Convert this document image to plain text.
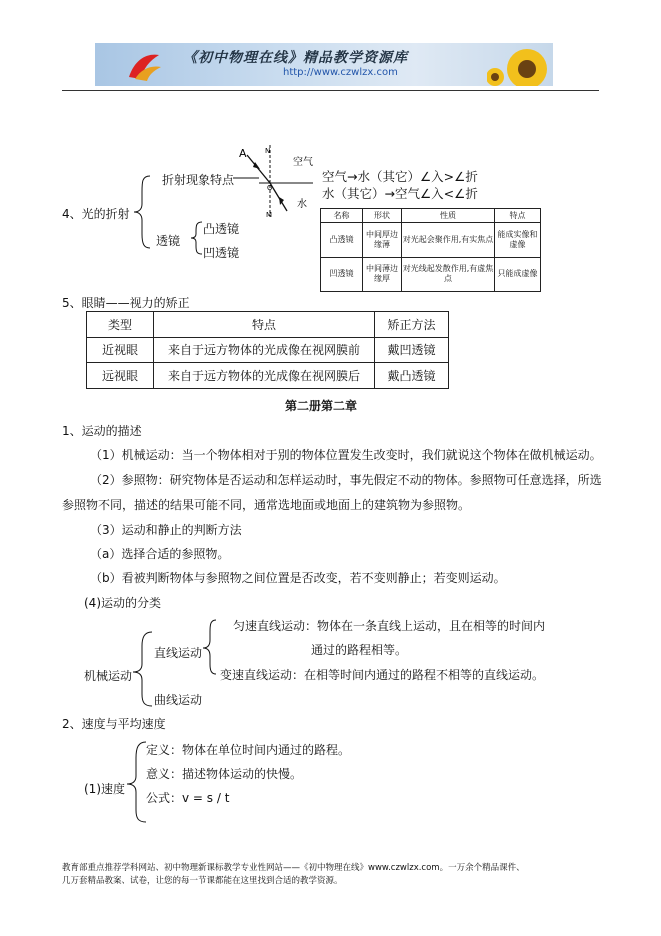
《初中物理在线》精品教学资源库
http://www.czwlzx.com
4、光的折射
折射现象特点
A	N
O
空气
水
M
空气→水（其它）∠入>∠折
水（其它）→空气∠入<∠折
透镜
凸透镜
凹透镜
名称	形状	性质	特点
凸透镜	中间厚边缘薄	对光起会聚作用,有实焦点	能成实像和虚像
凹透镜	中间薄边缘厚	对光线起发散作用,有虚焦点	只能成虚像
5、眼睛——视力的矫正
类型	特点	矫正方法
近视眼	来自于远方物体的光成像在视网膜前	戴凹透镜
远视眼	来自于远方物体的光成像在视网膜后	戴凸透镜
第二册第二章
1、运动的描述
（1）机械运动：当一个物体相对于别的物体位置发生改变时，我们就说这个物体在做机械运动。
（2）参照物：研究物体是否运动和怎样运动时，事先假定不动的物体。参照物可任意选择，所选
参照物不同，描述的结果可能不同，通常选地面或地面上的建筑物为参照物。
（3）运动和静止的判断方法
（a）选择合适的参照物。
（b）看被判断物体与参照物之间位置是否改变，若不变则静止；若变则运动。
(4)运动的分类
机械运动
直线运动
匀速直线运动：物体在一条直线上运动，且在相等的时间内
通过的路程相等。
变速直线运动：在相等时间内通过的路程不相等的直线运动。
曲线运动
2、速度与平均速度
(1)速度
定义：物体在单位时间内通过的路程。
意义：描述物体运动的快慢。
公式：v = s / t
教育部重点推荐学科网站、初中物理新课标教学专业性网站——《初中物理在线》www.czwlzx.com。一万余个精品课件、
几万套精品教案、试卷，让您的每一节课都能在这里找到合适的教学资源。
